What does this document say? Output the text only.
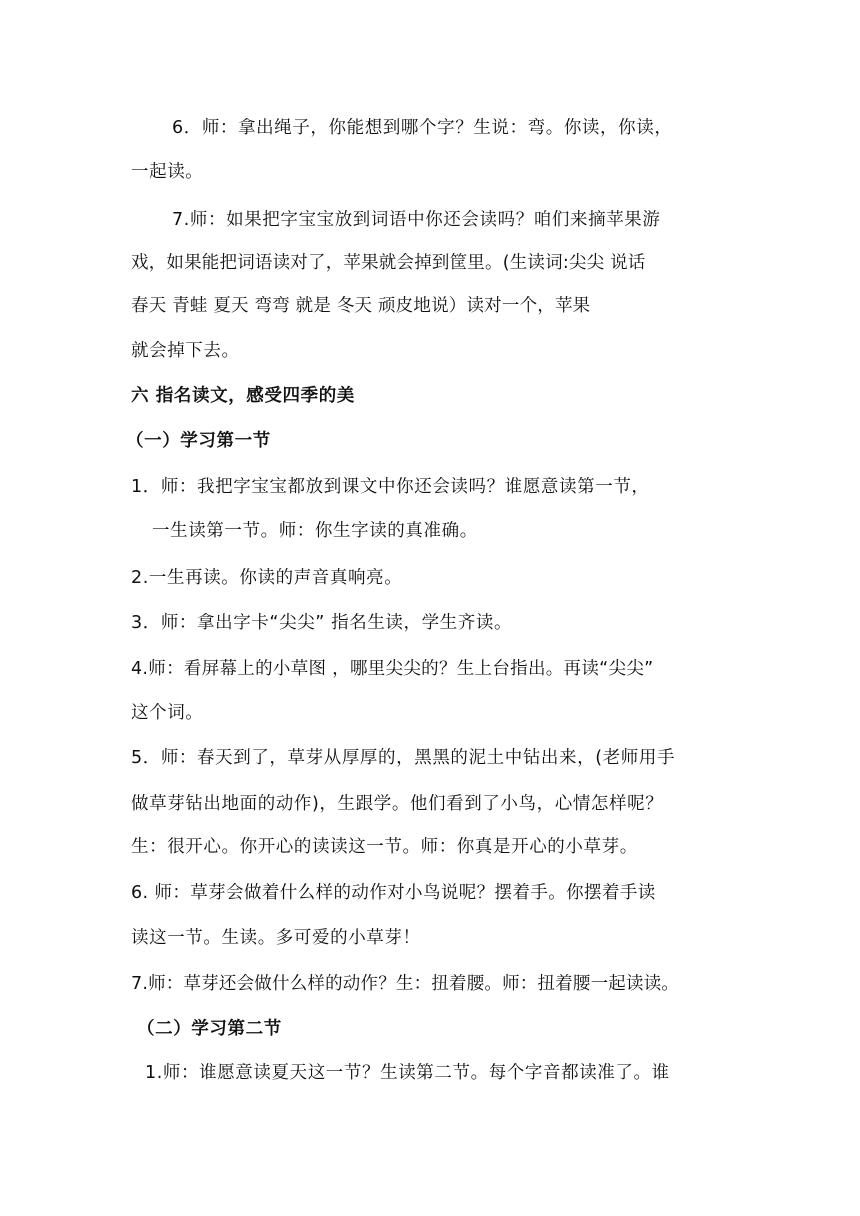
6．师：拿出绳子，你能想到哪个字？生说：弯。你读，你读，
一起读。
7.师：如果把字宝宝放到词语中你还会读吗？咱们来摘苹果游
戏，如果能把词语读对了，苹果就会掉到筐里。(生读词:尖尖 说话
春天 青蛙 夏天 弯弯 就是 冬天 顽皮地说）读对一个，苹果
就会掉下去。
六 指名读文，感受四季的美
（一）学习第一节
1．师：我把字宝宝都放到课文中你还会读吗？谁愿意读第一节，
一生读第一节。师：你生字读的真准确。
2.一生再读。你读的声音真响亮。
3．师：拿出字卡“尖尖” 指名生读，学生齐读。
4.师：看屏幕上的小草图 ，哪里尖尖的？生上台指出。再读“尖尖”
这个词。
5．师：春天到了，草芽从厚厚的，黑黑的泥土中钻出来，(老师用手
做草芽钻出地面的动作)，生跟学。他们看到了小鸟，心情怎样呢？
生：很开心。你开心的读读这一节。师：你真是开心的小草芽。
6. 师：草芽会做着什么样的动作对小鸟说呢？摆着手。你摆着手读
读这一节。生读。多可爱的小草芽！
7.师：草芽还会做什么样的动作？生：扭着腰。师：扭着腰一起读读。
（二）学习第二节
1.师：谁愿意读夏天这一节？生读第二节。每个字音都读准了。谁
